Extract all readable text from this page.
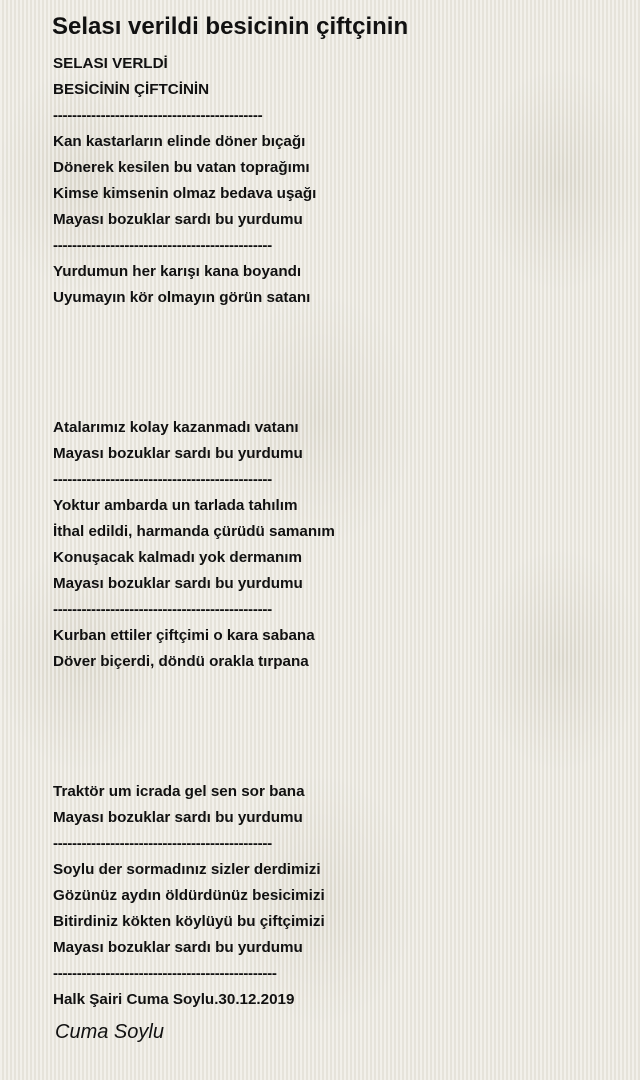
Selası verildi besicinin çiftçinin
SELASI VERLDİ
BESİCİNİN ÇİFTCİNİN
--------------------------------------------
Kan kastarların elinde döner bıçağı
Dönerek kesilen bu vatan toprağımı
Kimse kimsenin olmaz bedava uşağı
Mayası bozuklar sardı bu yurdumu
----------------------------------------------
Yurdumun her karışı kana boyandı
Uyumayın kör olmayın görün satanı
Atalarımız kolay kazanmadı vatanı
Mayası bozuklar sardı bu yurdumu
----------------------------------------------
Yoktur ambarda un tarlada tahılım
İthal edildi, harmanda çürüdü samanım
Konuşacak kalmadı yok dermanım
Mayası bozuklar sardı bu yurdumu
----------------------------------------------
Kurban ettiler çiftçimi o kara sabana
Döver biçerdi, döndü orakla tırpana
Traktör um icrada gel sen sor bana
Mayası bozuklar sardı bu yurdumu
----------------------------------------------
Soylu der sormadınız sizler derdimizi
Gözünüz aydın öldürdünüz besicimizi
Bitirdiniz kökten köylüyü bu çiftçimizi
Mayası bozuklar sardı bu yurdumu
-----------------------------------------------
Halk Şairi Cuma Soylu.30.12.2019
Cuma Soylu
